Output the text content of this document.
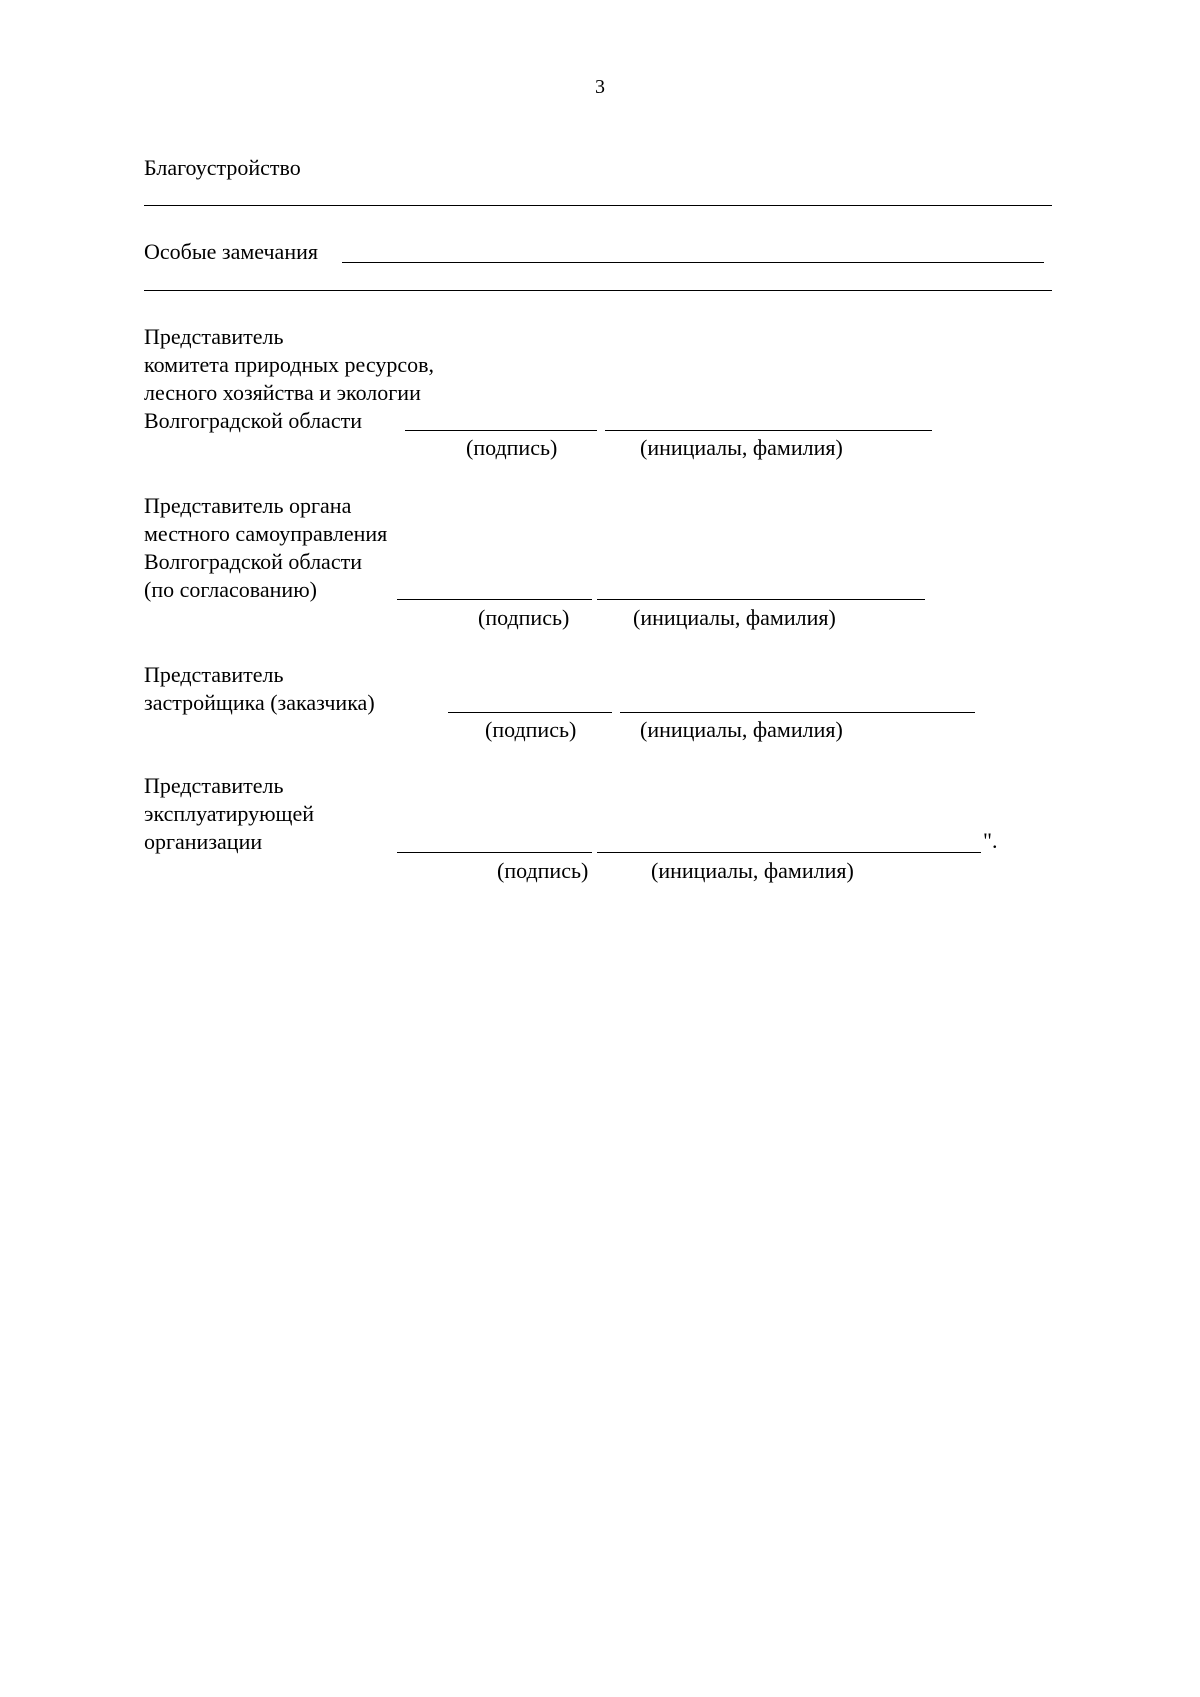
3
Благоустройство
Особые замечания
Представитель
комитета природных ресурсов,
лесного хозяйства и экологии
Волгоградской области
(подпись)	(инициалы, фамилия)
Представитель органа
местного самоуправления
Волгоградской области
(по согласованию)
(подпись)	(инициалы, фамилия)
Представитель
застройщика (заказчика)
(подпись)	(инициалы, фамилия)
Представитель
эксплуатирующей
организации	".
(подпись)	(инициалы, фамилия)
